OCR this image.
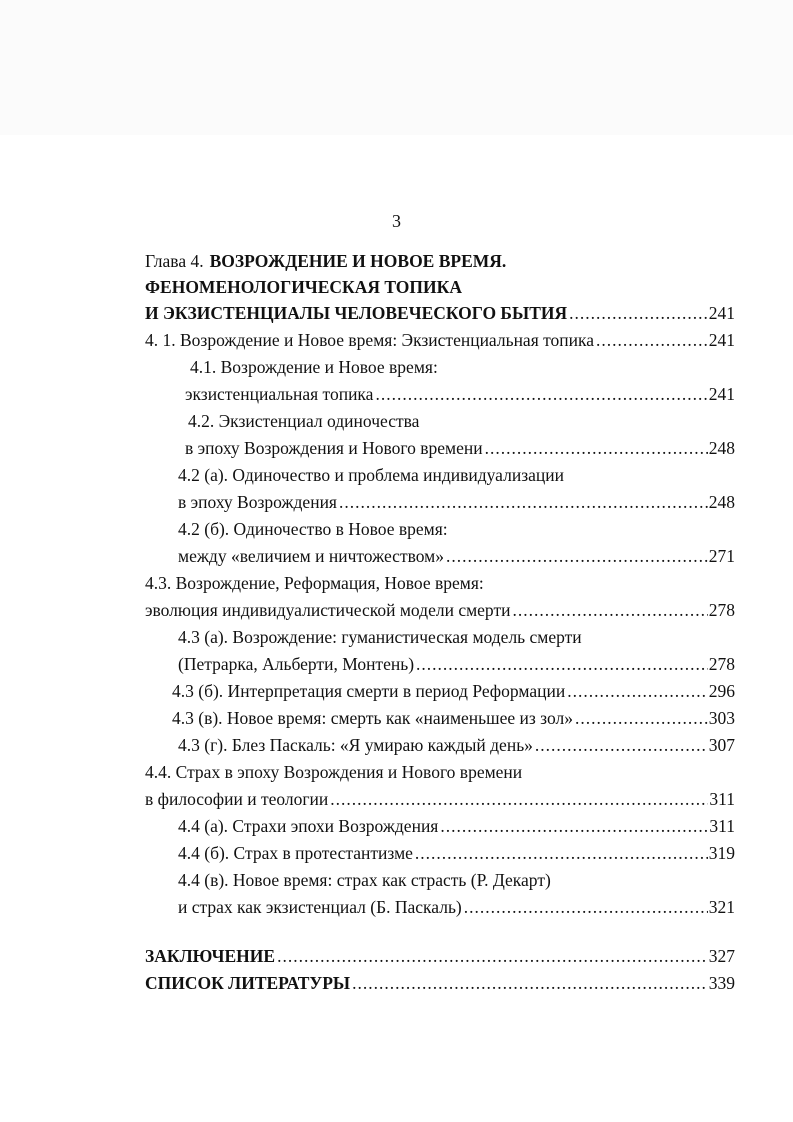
3
Глава 4. ВОЗРОЖДЕНИЕ И НОВОЕ ВРЕМЯ.
ФЕНОМЕНОЛОГИЧЕСКАЯ ТОПИКА
И ЭКЗИСТЕНЦИАЛЫ ЧЕЛОВЕЧЕСКОГО БЫТИЯ .....	241
4. 1. Возрождение и Новое время: Экзистенциальная топика .....	241
4.1. Возрождение и Новое время:
экзистенциальная топика .....	241
4.2. Экзистенциал одиночества
в эпоху Возрождения и Нового времени .....	248
4.2 (а). Одиночество и проблема индивидуализации
в эпоху Возрождения .....	248
4.2 (б). Одиночество в Новое время:
между «величием и ничтожеством» .....	271
4.3. Возрождение, Реформация, Новое время:
эволюция индивидуалистической модели смерти .....	278
4.3 (а). Возрождение: гуманистическая модель смерти
(Петрарка, Альберти, Монтень) .....	278
4.3 (б). Интерпретация смерти в период Реформации .....	296
4.3 (в). Новое время: смерть как «наименьшее из зол» .....	303
4.3 (г). Блез Паскаль: «Я умираю каждый день» .....	307
4.4. Страх в эпоху Возрождения и Нового времени
в философии и теологии .....	311
4.4 (а). Страхи эпохи Возрождения .....	311
4.4 (б). Страх в протестантизме .....	319
4.4 (в). Новое время: страх как страсть (Р. Декарт)
и страх как экзистенциал (Б. Паскаль) .....	321
ЗАКЛЮЧЕНИЕ .....	327
СПИСОК ЛИТЕРАТУРЫ .....	339
